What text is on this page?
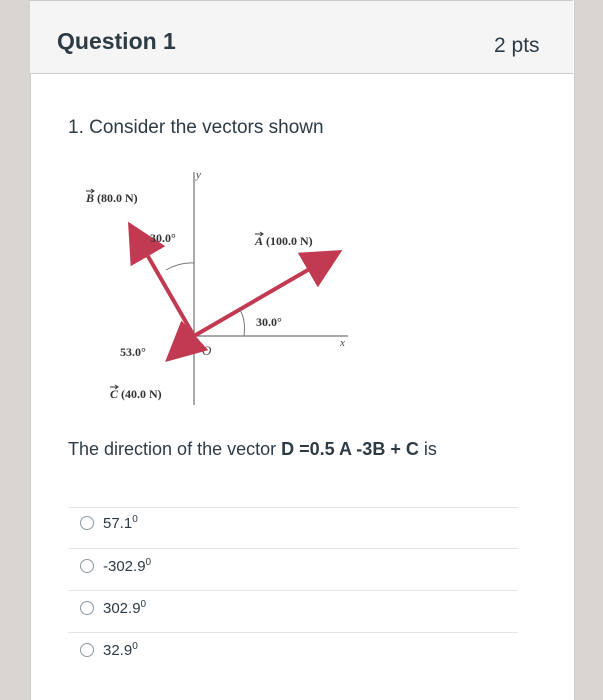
Question 1	2 pts
1. Consider the vectors shown
y
x
O
B (80.0 N)
30.0°	A (100.0 N)
30.0°
53.0°
C (40.0 N)
The direction of the vector D =0.5 A -3B + C is
57.1$^0$
-302.9$^0$
302.9$^0$
32.9$^0$
